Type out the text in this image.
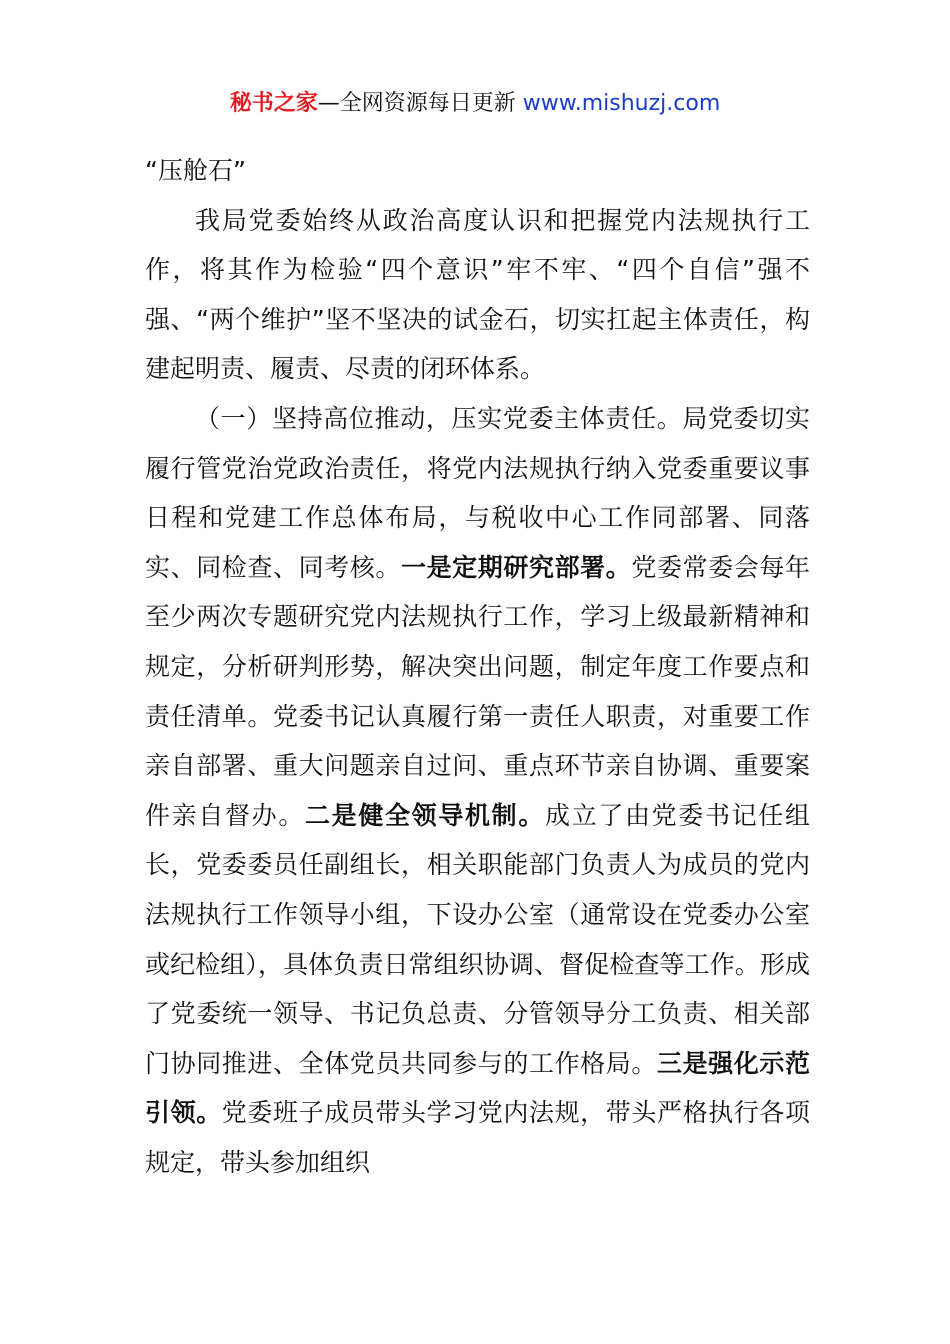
秘书之家—全网资源每日更新 www.mishuzj.com

“压舱石”

我局党委始终从政治高度认识和把握党内法规执行工作，将其作为检验“四个意识”牢不牢、“四个自信”强不强、“两个维护”坚不坚决的试金石，切实扛起主体责任，构建起明责、履责、尽责的闭环体系。

（一）坚持高位推动，压实党委主体责任。局党委切实履行管党治党政治责任，将党内法规执行纳入党委重要议事日程和党建工作总体布局，与税收中心工作同部署、同落实、同检查、同考核。一是定期研究部署。党委常委会每年至少两次专题研究党内法规执行工作，学习上级最新精神和规定，分析研判形势，解决突出问题，制定年度工作要点和责任清单。党委书记认真履行第一责任人职责，对重要工作亲自部署、重大问题亲自过问、重点环节亲自协调、重要案件亲自督办。二是健全领导机制。成立了由党委书记任组长，党委委员任副组长，相关职能部门负责人为成员的党内法规执行工作领导小组，下设办公室（通常设在党委办公室或纪检组），具体负责日常组织协调、督促检查等工作。形成了党委统一领导、书记负总责、分管领导分工负责、相关部门协同推进、全体党员共同参与的工作格局。三是强化示范引领。党委班子成员带头学习党内法规，带头严格执行各项规定，带头参加组织
